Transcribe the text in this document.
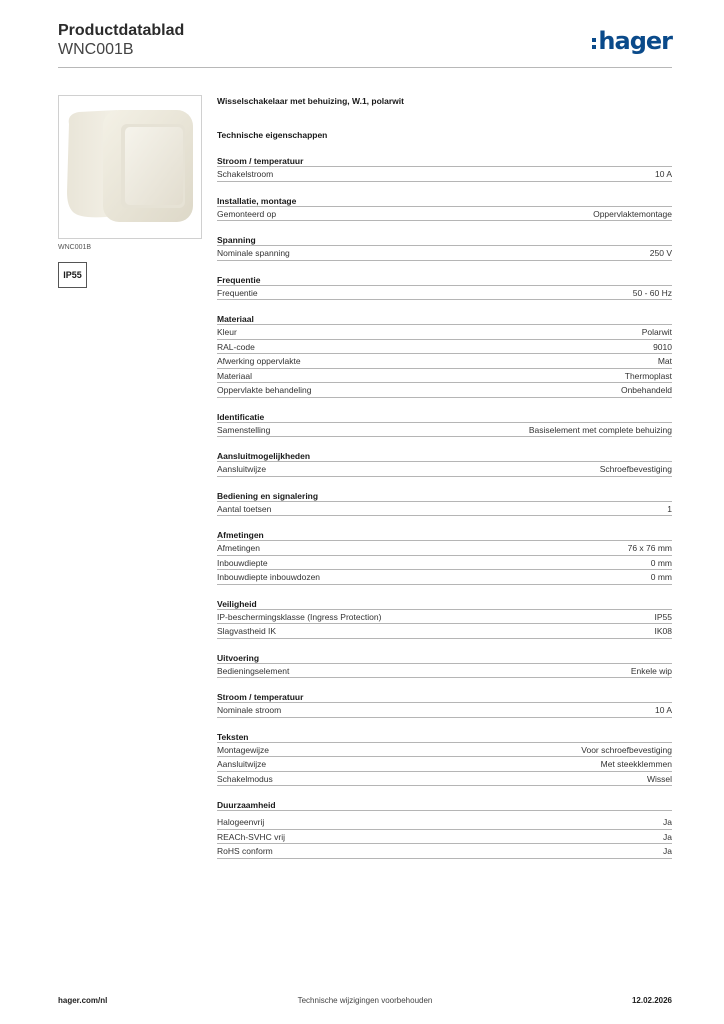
Productdatablad
WNC001B	hager
WNC001B
IP55
Wisselschakelaar met behuizing, W.1, polarwit
Technische eigenschappen
Stroom / temperatuur
Schakelstroom	10 A
Installatie, montage
Gemonteerd op	Oppervlaktemontage
Spanning
Nominale spanning	250 V
Frequentie
Frequentie	50 - 60 Hz
Materiaal
Kleur	Polarwit
RAL-code	9010
Afwerking oppervlakte	Mat
Materiaal	Thermoplast
Oppervlakte behandeling	Onbehandeld
Identificatie
Samenstelling	Basiselement met complete behuizing
Aansluitmogelijkheden
Aansluitwijze	Schroefbevestiging
Bediening en signalering
Aantal toetsen	1
Afmetingen
Afmetingen	76 x 76 mm
Inbouwdiepte	0 mm
Inbouwdiepte inbouwdozen	0 mm
Veiligheid
IP-beschermingsklasse (Ingress Protection)	IP55
Slagvastheid IK	IK08
Uitvoering
Bedieningselement	Enkele wip
Stroom / temperatuur
Nominale stroom	10 A
Teksten
Montagewijze	Voor schroefbevestiging
Aansluitwijze	Met steekklemmen
Schakelmodus	Wissel
Duurzaamheid
Halogeenvrij	Ja
REACh-SVHC vrij	Ja
RoHS conform	Ja
hager.com/nl	Technische wijzigingen voorbehouden	12.02.2026
